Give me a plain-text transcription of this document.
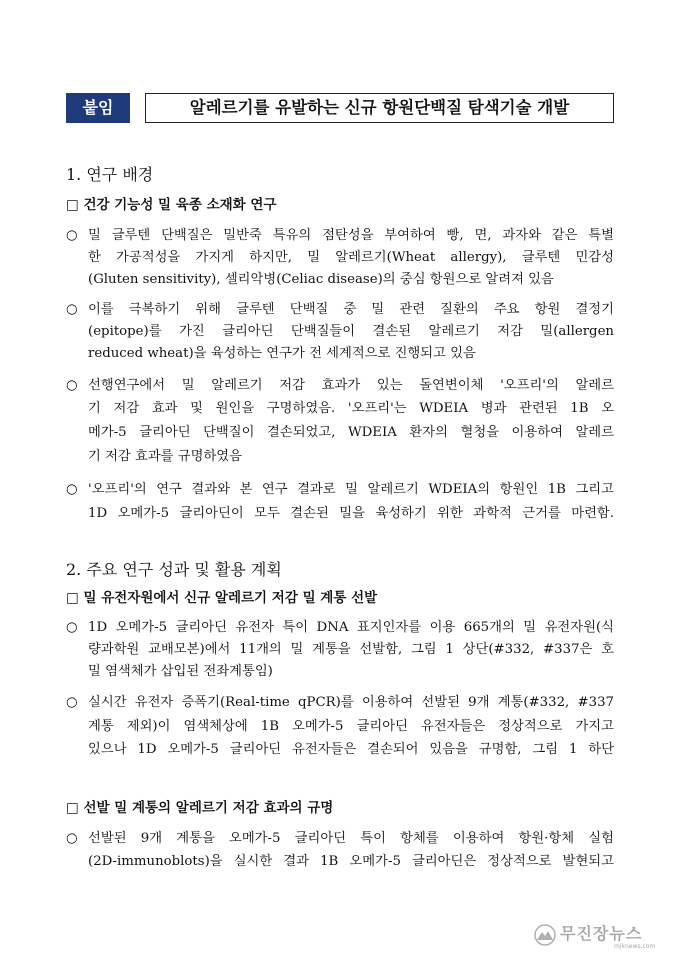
붙임	알레르기를 유발하는 신규 항원단백질 탐색기술 개발
1. 연구 배경
□ 건강 기능성 밀 육종 소재화 연구
○ 밀 글루텐 단백질은 밀반죽 특유의 점탄성을 부여하여 빵, 면, 과자와 같은 특별
한 가공적성을 가지게 하지만, 밀 알레르기(Wheat allergy), 글루텐 민감성
(Gluten sensitivity), 셀리악병(Celiac disease)의 중심 항원으로 알려져 있음
○ 이를 극복하기 위해 글루텐 단백질 중 밀 관련 질환의 주요 항원 결정기
(epitope)를 가진 글리아딘 단백질들이 결손된 알레르기 저감 밀(allergen
reduced wheat)을 육성하는 연구가 전 세계적으로 진행되고 있음
○ 선행연구에서 밀 알레르기 저감 효과가 있는 돌연변이체 '오프리'의 알레르
기 저감 효과 및 원인을 구명하였음. '오프리'는 WDEIA 병과 관련된 1B 오
메가-5 글리아딘 단백질이 결손되었고, WDEIA 환자의 혈청을 이용하여 알레르
기 저감 효과를 규명하였음
○ '오프리'의 연구 결과와 본 연구 결과로 밀 알레르기 WDEIA의 항원인 1B 그리고
1D 오메가-5 글리아딘이 모두 결손된 밀을 육성하기 위한 과학적 근거를 마련함.
2. 주요 연구 성과 및 활용 계획
□ 밀 유전자원에서 신규 알레르기 저감 밀 계통 선발
○ 1D 오메가-5 글리아딘 유전자 특이 DNA 표지인자를 이용 665개의 밀 유전자원(식
량과학원 교배모본)에서 11개의 밀 계통을 선발함, 그림 1 상단(#332, #337은 호
밀 염색체가 삽입된 전좌계통임)
○ 실시간 유전자 증폭기(Real-time qPCR)를 이용하여 선발된 9개 계통(#332, #337
계통 제외)이 염색체상에 1B 오메가-5 글리아딘 유전자들은 정상적으로 가지고
있으나 1D 오메가-5 글리아딘 유전자들은 결손되어 있음을 규명함, 그림 1 하단
□ 선발 밀 계통의 알레르기 저감 효과의 규명
○ 선발된 9개 계통을 오메가-5 글리아딘 특이 항체를 이용하여 항원·항체 실험
(2D-immunoblots)을 실시한 결과 1B 오메가-5 글리아딘은 정상적으로 발현되고
무진장뉴스
mjknews.com
